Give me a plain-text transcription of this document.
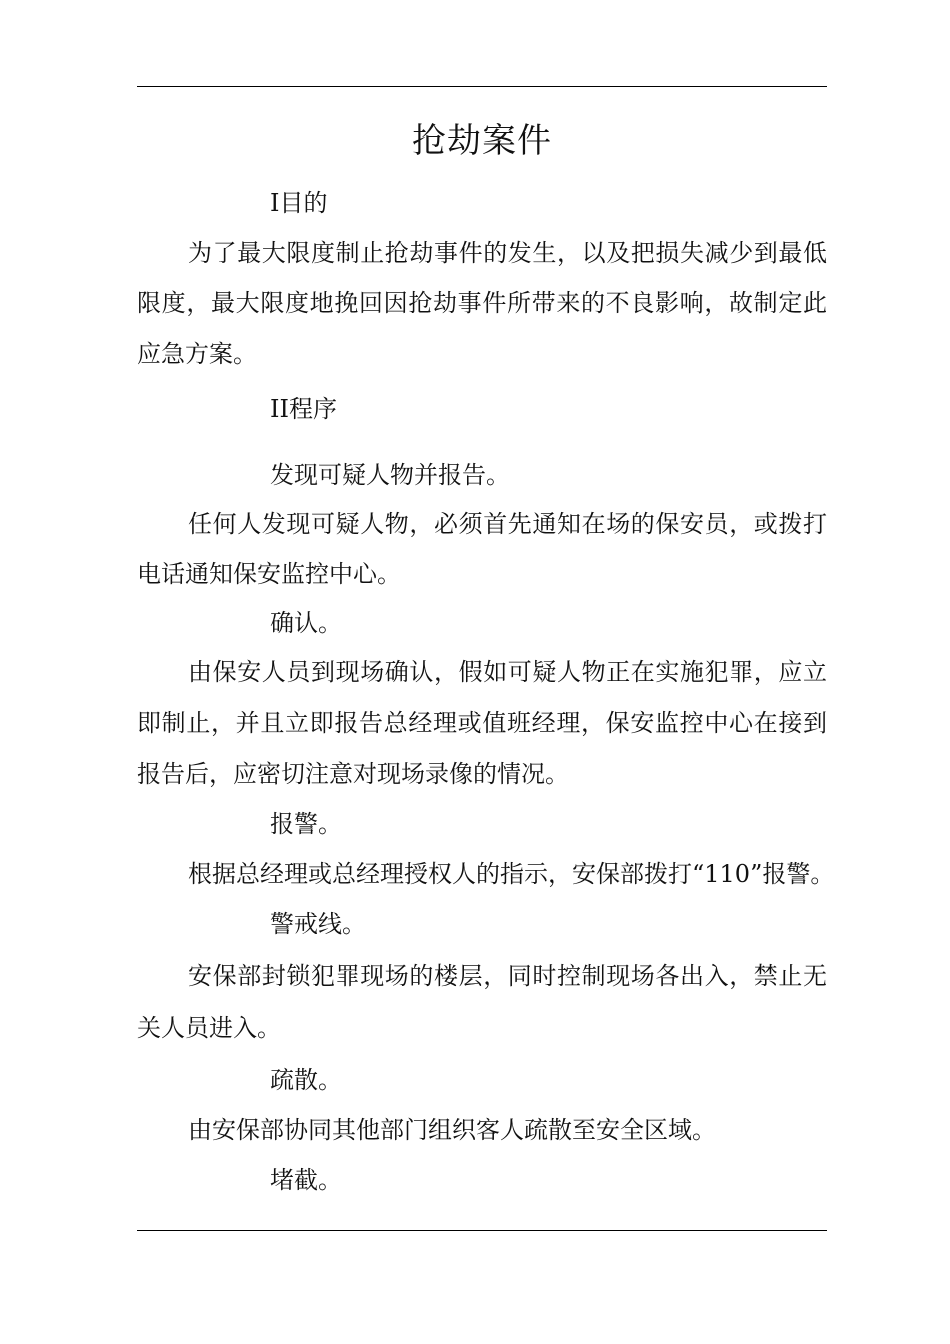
抢劫案件
I目的
为了最大限度制止抢劫事件的发生，以及把损失减少到最低
限度，最大限度地挽回因抢劫事件所带来的不良影响，故制定此
应急方案。
II程序
发现可疑人物并报告。
任何人发现可疑人物，必须首先通知在场的保安员，或拨打
电话通知保安监控中心。
确认。
由保安人员到现场确认，假如可疑人物正在实施犯罪，应立
即制止，并且立即报告总经理或值班经理，保安监控中心在接到
报告后，应密切注意对现场录像的情况。
报警。
根据总经理或总经理授权人的指示，安保部拨打“110”报警。
警戒线。
安保部封锁犯罪现场的楼层，同时控制现场各出入，禁止无
关人员进入。
疏散。
由安保部协同其他部门组织客人疏散至安全区域。
堵截。
